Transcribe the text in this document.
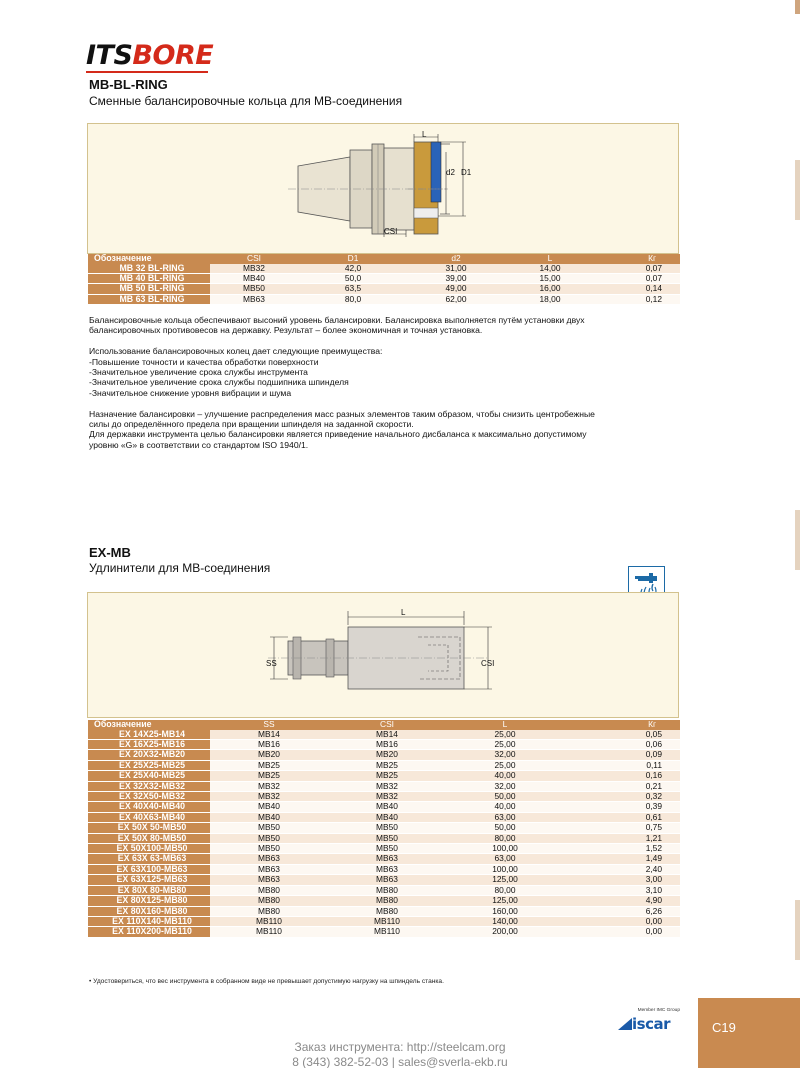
ITSBORE
MB-BL-RING
Сменные балансировочные кольца для MB-соединения
L
d2 D1
CSI
Обозначение	CSI	D1	d2	L	Кг
MB 32 BL-RING	MB32	42,0	31,00	14,00	0,07
MB 40 BL-RING	MB40	50,0	39,00	15,00	0,07
MB 50 BL-RING	MB50	63,5	49,00	16,00	0,14
MB 63 BL-RING	MB63	80,0	62,00	18,00	0,12

Балансировочные кольца обеспечивают высоний уровень балансировки. Балансировка выполняется путём установки двух

балансировочных противовесов на державку. Результат – более экономичная и точная установка.

Использование балансировочных колец дает следующие преимущества:

-Повышение точности и качества обработки поверхности

-Значительное увеличение срока службы инструмента

-Значительное увеличение срока службы подшипника шпинделя

-Значительное снижение уровня вибрации и шума

Назначение балансировки – улучшение распределения масс разных элементов таким образом, чтобы снизить центробежные

силы до определённого предела при вращении шпинделя на заданной скорости.

Для державки инструмента целью балансировки является приведение начального дисбаланса к максимально допустимому

уровню «G» в соответствии со стандартом ISO 1940/1.

EX-MB
Удлинители для MB-соединения
L
SS	CSI
Обозначение	SS	CSI	L	Кг
EX 14X25-MB14	MB14	MB14	25,00	0,05
EX 16X25-MB16	MB16	MB16	25,00	0,06
EX 20X32-MB20	MB20	MB20	32,00	0,09
EX 25X25-MB25	MB25	MB25	25,00	0,11
EX 25X40-MB25	MB25	MB25	40,00	0,16
EX 32X32-MB32	MB32	MB32	32,00	0,21
EX 32X50-MB32	MB32	MB32	50,00	0,32
EX 40X40-MB40	MB40	MB40	40,00	0,39
EX 40X63-MB40	MB40	MB40	63,00	0,61
EX 50X 50-MB50	MB50	MB50	50,00	0,75
EX 50X 80-MB50	MB50	MB50	80,00	1,21
EX 50X100-MB50	MB50	MB50	100,00	1,52
EX 63X 63-MB63	MB63	MB63	63,00	1,49
EX 63X100-MB63	MB63	MB63	100,00	2,40
EX 63X125-MB63	MB63	MB63	125,00	3,00
EX 80X 80-MB80	MB80	MB80	80,00	3,10
EX 80X125-MB80	MB80	MB80	125,00	4,90
EX 80X160-MB80	MB80	MB80	160,00	6,26
EX 110X140-MB110	MB110	MB110	140,00	0,00
EX 110X200-MB110	MB110	MB110	200,00	0,00
• Удостовериться, что вес инструмента в собранном виде не превышает допустимую нагрузку на шпиндель станка.
Member IMC Group
iscar	C19
Заказ инструмента: http://steelcam.org
8 (343) 382-52-03 | sales@sverla-ekb.ru
